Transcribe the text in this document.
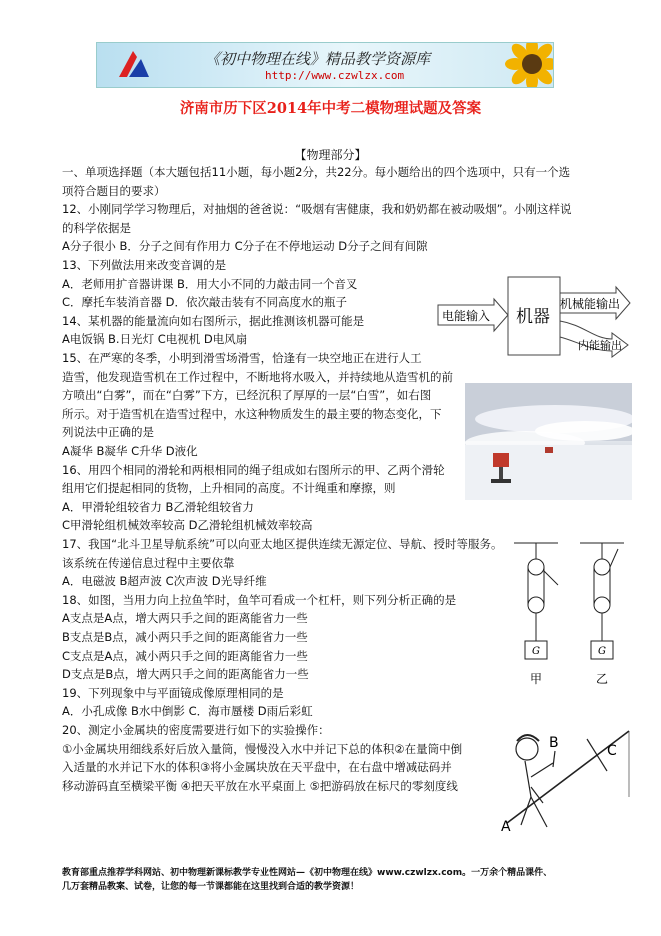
《初中物理在线》精品教学资源库
http://www.czwlzx.com
济南市历下区2014年中考二模物理试题及答案
【物理部分】
一、单项选择题（本大题包括11小题，每小题2分，共22分。每小题给出的四个选项中，只有一个选
项符合题目的要求）
12、小刚同学学习物理后，对抽烟的爸爸说：“吸烟有害健康，我和奶奶都在被动吸烟”。小刚这样说
的科学依据是
A分子很小 B．分子之间有作用力 C分子在不停地运动 D分子之间有间隙
13、下列做法用来改变音调的是
A．老师用扩音器讲课 B．用大小不同的力敲击同一个音叉
C．摩托车装消音器 D．依次敲击装有不同高度水的瓶子
14、某机器的能量流向如右图所示，据此推测该机器可能是
A电饭锅 B.日光灯 C电视机 D电风扇
15、在严寒的冬季，小明到滑雪场滑雪，恰逢有一块空地正在进行人工
造雪，他发现造雪机在工作过程中，不断地将水吸入，并持续地从造雪机的前
方喷出“白雾”，而在“白雾”下方，已经沉积了厚厚的一层“白雪”，如右图
所示。对于造雪机在造雪过程中，水这种物质发生的最主要的物态变化，下
列说法中正确的是
A凝华 B凝华 C升华 D液化
16、用四个相同的滑轮和两根相同的绳子组成如右图所示的甲、乙两个滑轮
组用它们提起相同的货物，上升相同的高度。不计绳重和摩擦，则
A．甲滑轮组较省力 B乙滑轮组较省力
C甲滑轮组机械效率较高 D乙滑轮组机械效率较高
17、我国“北斗卫星导航系统”可以向亚太地区提供连续无源定位、导航、授时等服务。
该系统在传递信息过程中主要依靠
A．电磁波 B超声波 C次声波 D光导纤维
18、如图，当用力向上拉鱼竿时，鱼竿可看成一个杠杆，则下列分析正确的是
A支点是A点，增大两只手之间的距离能省力一些
B支点是B点，减小两只手之间的距离能省力一些
C支点是A点，减小两只手之间的距离能省力一些
D支点是B点，增大两只手之间的距离能省力一些
19、下列现象中与平面镜成像原理相同的是
A．小孔成像 B水中倒影 C．海市蜃楼 D雨后彩虹
20、测定小金属块的密度需要进行如下的实验操作：
①小金属块用细线系好后放入量筒，慢慢没入水中并记下总的体积②在量筒中倒
入适量的水并记下水的体积③将小金属块放在天平盘中，在右盘中增减砝码并
移动游码直至横梁平衡 ④把天平放在水平桌面上 ⑤把游码放在标尺的零刻度线
电能输入 机器
机械能输出
内能输出
G	G
甲	乙
A
B	C
教育部重点推荐学科网站、初中物理新课标教学专业性网站—《初中物理在线》www.czwlzx.com。一万余个精品课件、
几万套精品教案、试卷，让您的每一节课都能在这里找到合适的教学资源！
